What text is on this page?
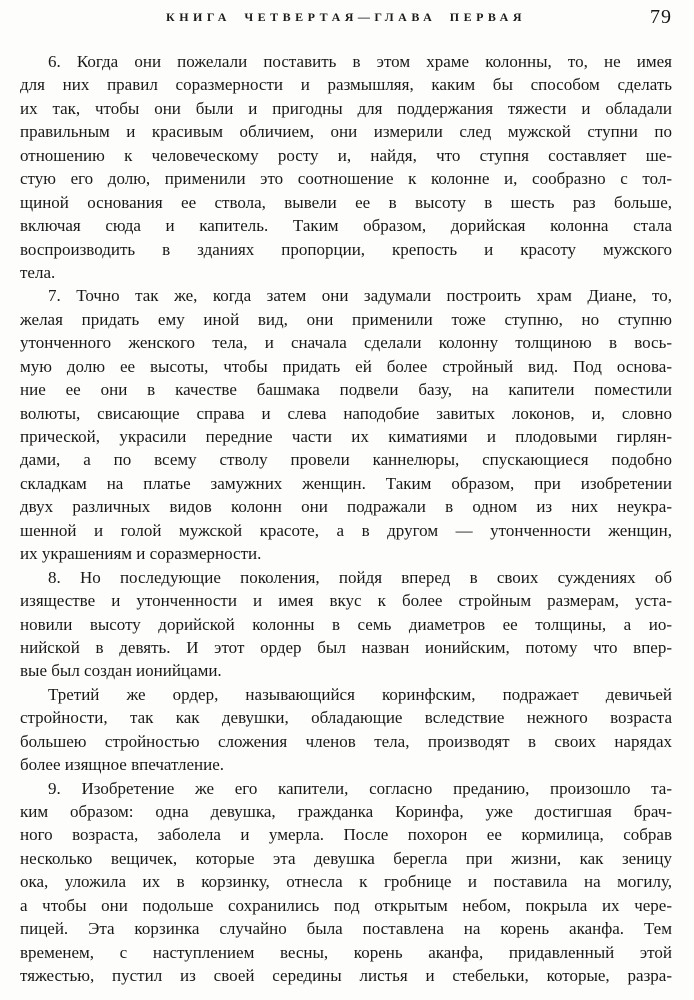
КНИГА ЧЕТВЕРТАЯ—ГЛАВА ПЕРВАЯ	79
6. Когда они пожелали поставить в этом храме колонны, то, не имея
для них правил соразмерности и размышляя, каким бы способом сделать
их так, чтобы они были и пригодны для поддержания тяжести и обладали
правильным и красивым обличием, они измерили след мужской ступни по
отношению к человеческому росту и, найдя, что ступня составляет ше-
стую его долю, применили это соотношение к колонне и, сообразно с тол-
щиной основания ее ствола, вывели ее в высоту в шесть раз больше,
включая сюда и капитель. Таким образом, дорийская колонна стала
воспроизводить в зданиях пропорции, крепость и красоту мужского
тела.
7. Точно так же, когда затем они задумали построить храм Диане, то,
желая придать ему иной вид, они применили тоже ступню, но ступню
утонченного женского тела, и сначала сделали колонну толщиною в вось-
мую долю ее высоты, чтобы придать ей более стройный вид. Под основа-
ние ее они в качестве башмака подвели базу, на капители поместили
волюты, свисающие справа и слева наподобие завитых локонов, и, словно
прической, украсили передние части их киматиями и плодовыми гирлян-
дами, а по всему стволу провели каннелюры, спускающиеся подобно
складкам на платье замужних женщин. Таким образом, при изобретении
двух различных видов колонн они подражали в одном из них неукра-
шенной и голой мужской красоте, а в другом — утонченности женщин,
их украшениям и соразмерности.
8. Но последующие поколения, пойдя вперед в своих суждениях об
изяществе и утонченности и имея вкус к более стройным размерам, уста-
новили высоту дорийской колонны в семь диаметров ее толщины, а ио-
нийской в девять. И этот ордер был назван ионийским, потому что впер-
вые был создан ионийцами.
Третий же ордер, называющийся коринфским, подражает девичьей
стройности, так как девушки, обладающие вследствие нежного возраста
большею стройностью сложения членов тела, производят в своих нарядах
более изящное впечатление.
9. Изобретение же его капители, согласно преданию, произошло та-
ким образом: одна девушка, гражданка Коринфа, уже достигшая брач-
ного возраста, заболела и умерла. После похорон ее кормилица, собрав
несколько вещичек, которые эта девушка берегла при жизни, как зеницу
ока, уложила их в корзинку, отнесла к гробнице и поставила на могилу,
а чтобы они подольше сохранились под открытым небом, покрыла их чере-
пицей. Эта корзинка случайно была поставлена на корень аканфа. Тем
временем, с наступлением весны, корень аканфа, придавленный этой
тяжестью, пустил из своей середины листья и стебельки, которые, разра-
